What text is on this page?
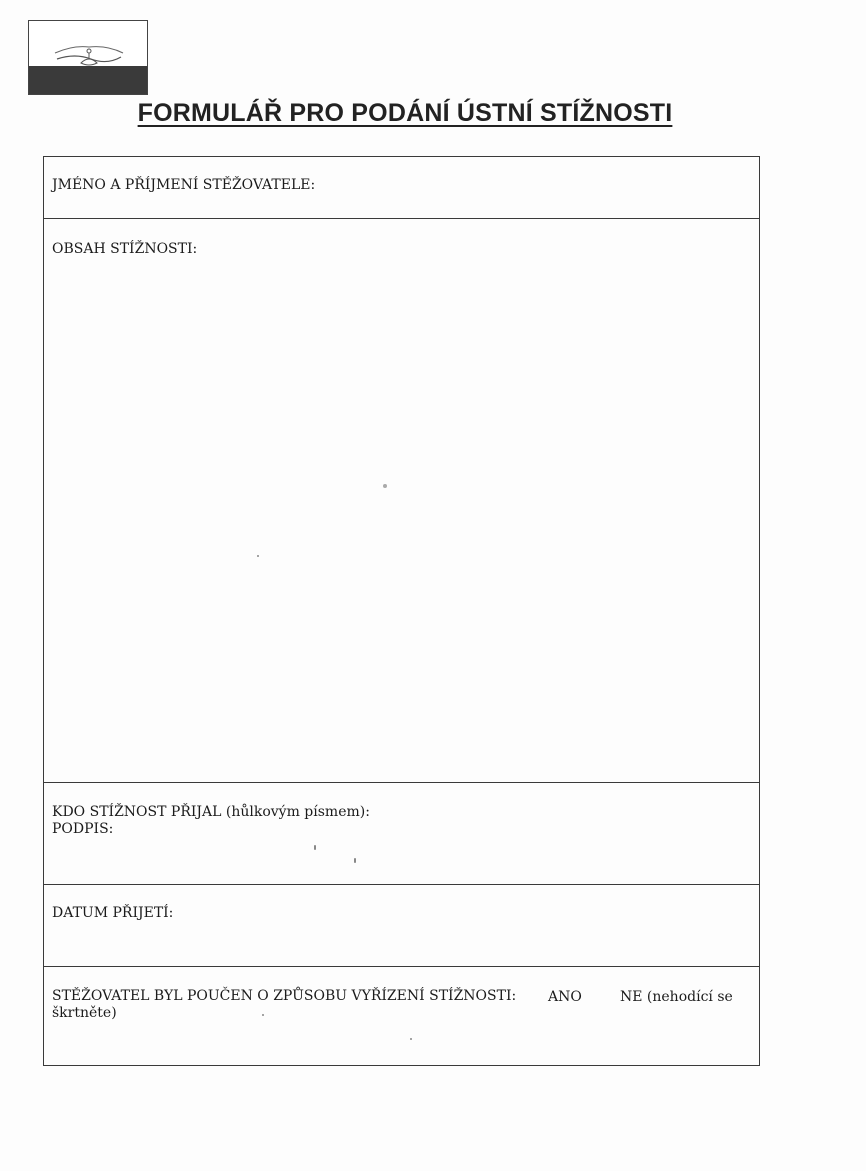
FORMULÁŘ PRO PODÁNÍ ÚSTNÍ STÍŽNOSTI
JMÉNO A PŘÍJMENÍ STĚŽOVATELE:
OBSAH STÍŽNOSTI:
KDO STÍŽNOST PŘIJAL (hůlkovým písmem):
PODPIS:
DATUM PŘIJETÍ:
STĚŽOVATEL BYL POUČEN O ZPŮSOBU VYŘÍZENÍ STÍŽNOSTI: ANO	NE (nehodící se
škrtněte)
